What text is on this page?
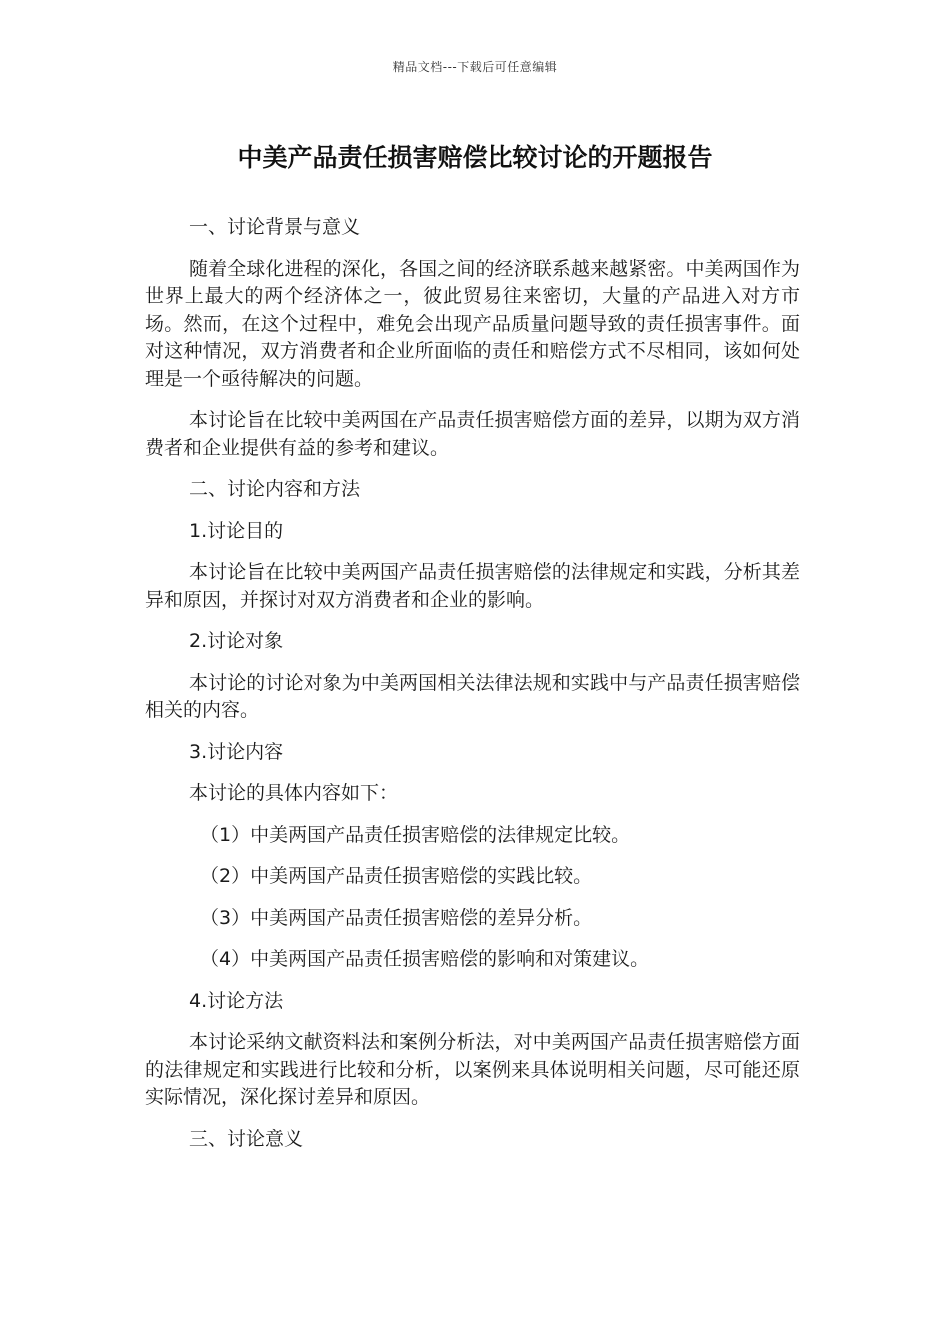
精品文档---下载后可任意编辑
中美产品责任损害赔偿比较讨论的开题报告

一、讨论背景与意义

随着全球化进程的深化，各国之间的经济联系越来越紧密。中美两国作为世界上最大的两个经济体之一，彼此贸易往来密切，大量的产品进入对方市场。然而，在这个过程中，难免会出现产品质量问题导致的责任损害事件。面对这种情况，双方消费者和企业所面临的责任和赔偿方式不尽相同，该如何处理是一个亟待解决的问题。

本讨论旨在比较中美两国在产品责任损害赔偿方面的差异，以期为双方消费者和企业提供有益的参考和建议。

二、讨论内容和方法

1.讨论目的

本讨论旨在比较中美两国产品责任损害赔偿的法律规定和实践，分析其差异和原因，并探讨对双方消费者和企业的影响。

2.讨论对象

本讨论的讨论对象为中美两国相关法律法规和实践中与产品责任损害赔偿相关的内容。

3.讨论内容

本讨论的具体内容如下：

（1）中美两国产品责任损害赔偿的法律规定比较。

（2）中美两国产品责任损害赔偿的实践比较。

（3）中美两国产品责任损害赔偿的差异分析。

（4）中美两国产品责任损害赔偿的影响和对策建议。

4.讨论方法

本讨论采纳文献资料法和案例分析法，对中美两国产品责任损害赔偿方面的法律规定和实践进行比较和分析，以案例来具体说明相关问题，尽可能还原实际情况，深化探讨差异和原因。

三、讨论意义
